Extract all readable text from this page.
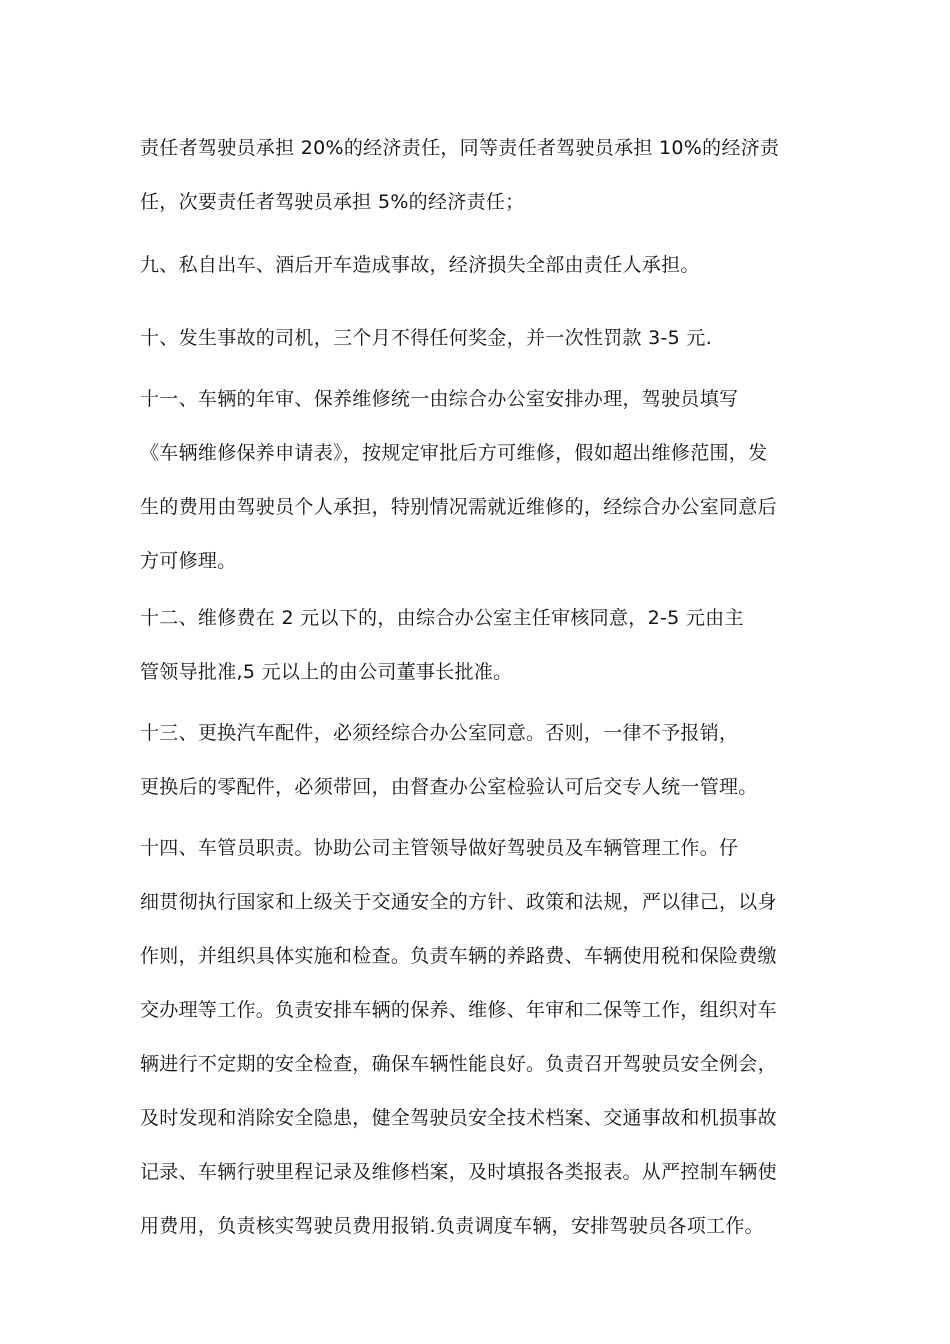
责任者驾驶员承担 20%的经济责任，同等责任者驾驶员承担 10%的经济责
任，次要责任者驾驶员承担 5%的经济责任；
九、私自出车、酒后开车造成事故，经济损失全部由责任人承担。
十、发生事故的司机，三个月不得任何奖金，并一次性罚款 3-5 元.
十一、车辆的年审、保养维修统一由综合办公室安排办理，驾驶员填写
《车辆维修保养申请表》，按规定审批后方可维修，假如超出维修范围，发
生的费用由驾驶员个人承担，特别情况需就近维修的，经综合办公室同意后
方可修理。
十二、维修费在 2 元以下的，由综合办公室主任审核同意，2-5 元由主
管领导批准,5 元以上的由公司董事长批准。
十三、更换汽车配件，必须经综合办公室同意。否则，一律不予报销，
更换后的零配件，必须带回，由督查办公室检验认可后交专人统一管理。
十四、车管员职责。协助公司主管领导做好驾驶员及车辆管理工作。仔
细贯彻执行国家和上级关于交通安全的方针、政策和法规，严以律己，以身
作则，并组织具体实施和检查。负责车辆的养路费、车辆使用税和保险费缴
交办理等工作。负责安排车辆的保养、维修、年审和二保等工作，组织对车
辆进行不定期的安全检查，确保车辆性能良好。负责召开驾驶员安全例会，
及时发现和消除安全隐患，健全驾驶员安全技术档案、交通事故和机损事故
记录、车辆行驶里程记录及维修档案，及时填报各类报表。从严控制车辆使
用费用，负责核实驾驶员费用报销.负责调度车辆，安排驾驶员各项工作。
